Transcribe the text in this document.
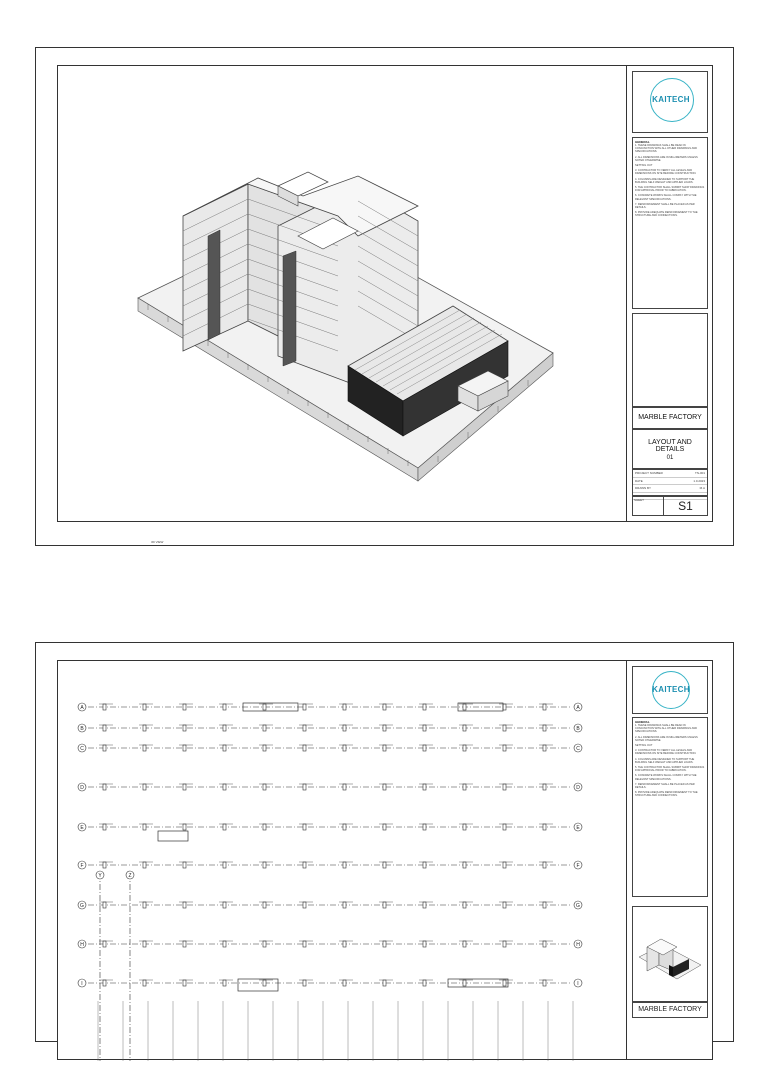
KAITECH
GENERAL

1. THESE DRAWINGS SHALL BE READ IN CONJUNCTION WITH ALL OTHER DRAWINGS AND SPECIFICATIONS.

2. ALL DIMENSIONS ARE IN MILLIMETERS UNLESS NOTED OTHERWISE.

SETTING OUT

3. CONTRACTOR TO VERIFY ALL LEVELS AND DIMENSIONS ON SITE BEFORE CONSTRUCTION.

4. COLUMNS ARE DESIGNED TO SUPPORT THE BUILDING SELF WEIGHT AND APPLIED LOADS.

5. THE CONTRACTOR SHALL SUBMIT SHOP DRAWINGS FOR APPROVAL PRIOR TO FABRICATION.

6. CONCRETE WORKS SHALL COMPLY WITH THE RELEVANT SPECIFICATIONS.

7. REINFORCEMENT SHALL BE PLACED AS PER DETAILS.

8. PROVIDE ADEQUATE REINFORCEMENT TO THE STRUCTURE AND CONNECTIONS.

MARBLE FACTORY
LAYOUT AND DETAILS
01
PROJECT NUMBER	TN-001
DATE	1.0.2023
DRAWN BY	M.A
CHECKED BY	KAITECH
SHEET	S1
3D VIEW
A	A
B	B
C	C
D	D
E	E
F	F
G	G
H	H
I	I
Y	Z
KAITECH
GENERAL

1. THESE DRAWINGS SHALL BE READ IN CONJUNCTION WITH ALL OTHER DRAWINGS AND SPECIFICATIONS.

2. ALL DIMENSIONS ARE IN MILLIMETERS UNLESS NOTED OTHERWISE.

SETTING OUT

3. CONTRACTOR TO VERIFY ALL LEVELS AND DIMENSIONS ON SITE BEFORE CONSTRUCTION.

4. COLUMNS ARE DESIGNED TO SUPPORT THE BUILDING SELF WEIGHT AND APPLIED LOADS.

5. THE CONTRACTOR SHALL SUBMIT SHOP DRAWINGS FOR APPROVAL PRIOR TO FABRICATION.

6. CONCRETE WORKS SHALL COMPLY WITH THE RELEVANT SPECIFICATIONS.

7. REINFORCEMENT SHALL BE PLACED AS PER DETAILS.

8. PROVIDE ADEQUATE REINFORCEMENT TO THE STRUCTURE AND CONNECTIONS.

MARBLE FACTORY
